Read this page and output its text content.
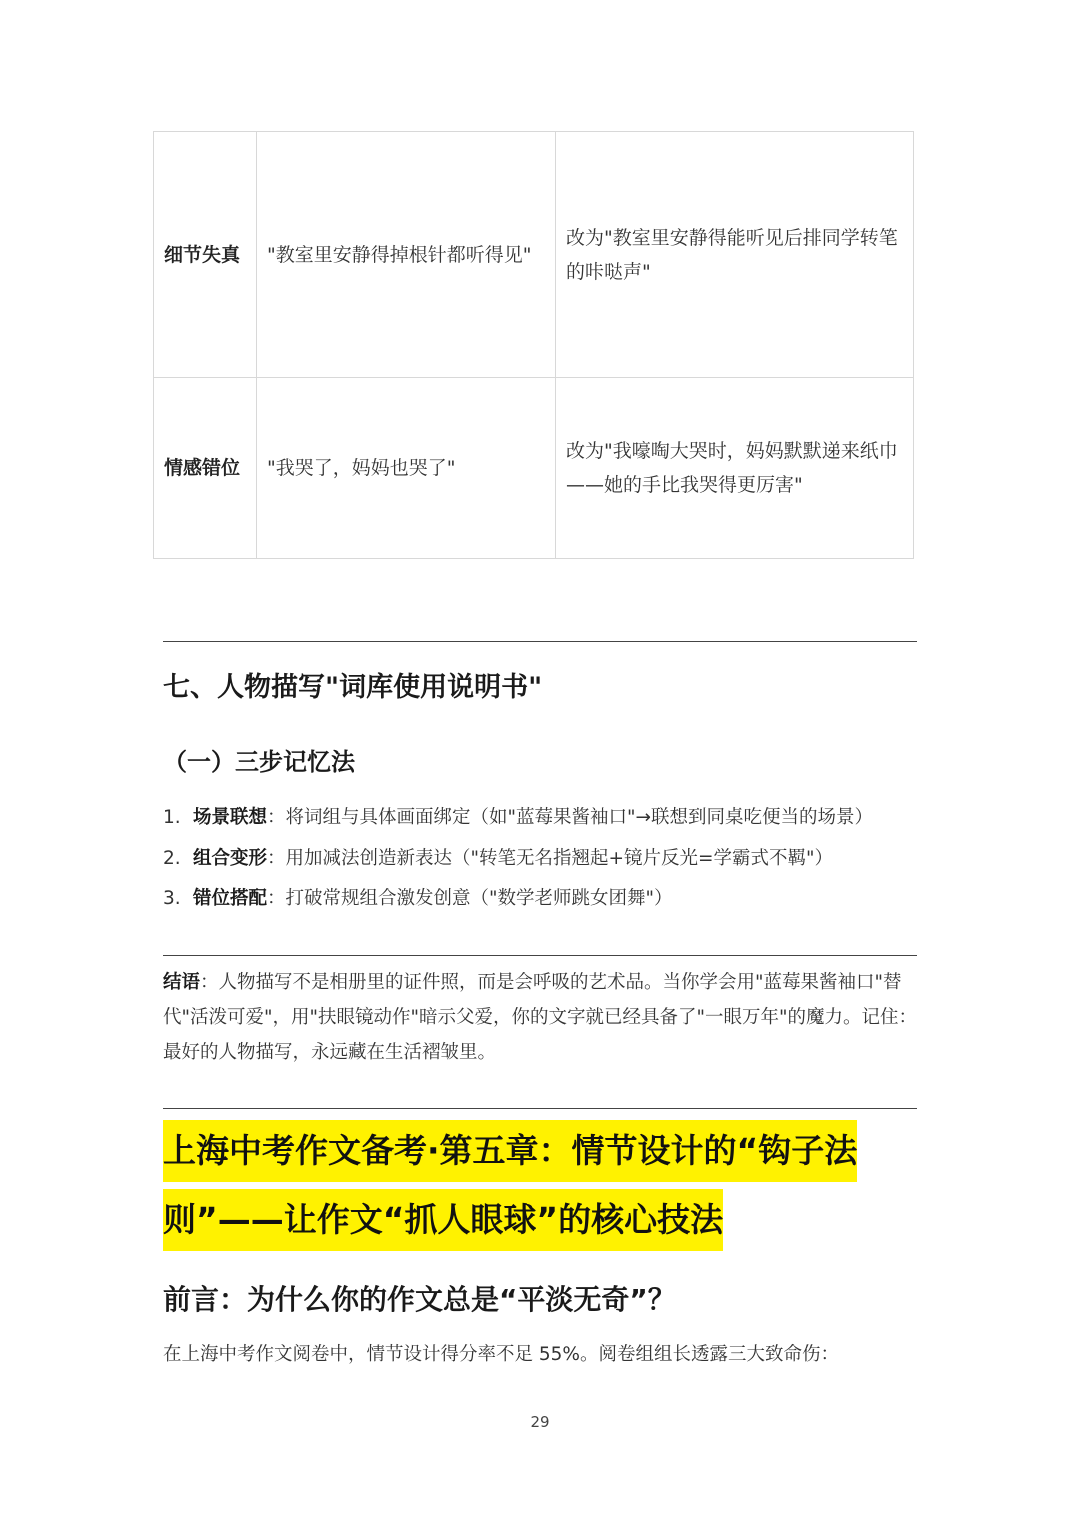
细节失真	"教室里安静得掉根针都听得见"	改为"教室里安静得能听见后排同学转笔的咔哒声"
情感错位	"我哭了，妈妈也哭了"	改为"我嚎啕大哭时，妈妈默默递来纸巾——她的手比我哭得更厉害"
七、人物描写"词库使用说明书"
（一）三步记忆法
1. 场景联想：将词组与具体画面绑定（如"蓝莓果酱袖口"→联想到同桌吃便当的场景）
2. 组合变形：用加减法创造新表达（"转笔无名指翘起+镜片反光=学霸式不羁"）
3. 错位搭配：打破常规组合激发创意（"数学老师跳女团舞"）
结语：人物描写不是相册里的证件照，而是会呼吸的艺术品。当你学会用"蓝莓果酱袖口"替代"活泼可爱"，用"扶眼镜动作"暗示父爱，你的文字就已经具备了"一眼万年"的魔力。记住：最好的人物描写，永远藏在生活褶皱里。
上海中考作文备考·第五章：情节设计的“钩子法
则”——让作文“抓人眼球”的核心技法
前言：为什么你的作文总是“平淡无奇”？
在上海中考作文阅卷中，情节设计得分率不足 55%。阅卷组组长透露三大致命伤：
29
